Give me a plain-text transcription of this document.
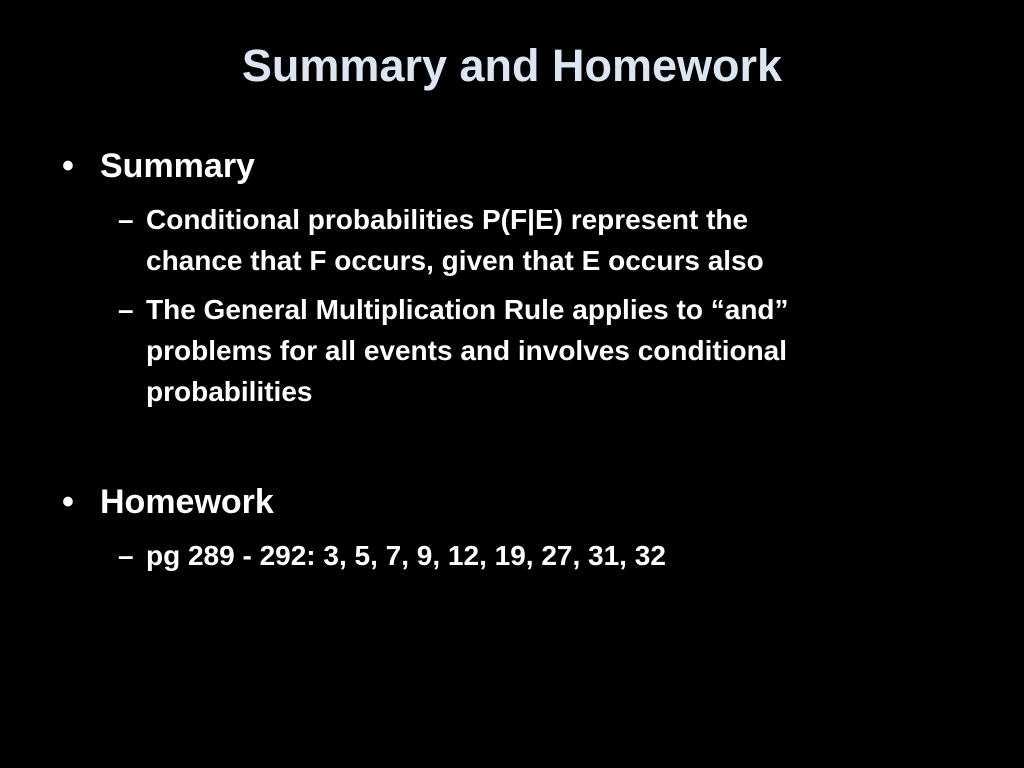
Summary and Homework
• Summary
– Conditional probabilities P(F|E) represent the
chance that F occurs, given that E occurs also
– The General Multiplication Rule applies to “and”
problems for all events and involves conditional
probabilities
• Homework
– pg 289 - 292: 3, 5, 7, 9, 12, 19, 27, 31, 32
